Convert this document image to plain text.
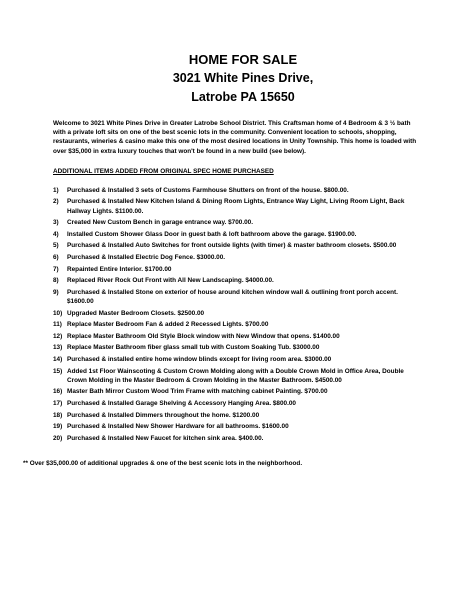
HOME FOR SALE
3021 White Pines Drive,
Latrobe PA 15650

Welcome to 3021 White Pines Drive in Greater Latrobe School District. This Craftsman home of 4 Bedroom & 3 ½ bath with a private loft sits on one of the best scenic lots in the community. Convenient location to schools, shopping, restaurants, wineries & casino make this one of the most desired locations in Unity Township. This home is loaded with over $35,000 in extra luxury touches that won't be found in a new build (see below).

ADDITIONAL ITEMS ADDED FROM ORIGINAL SPEC HOME PURCHASED

1)	Purchased & Installed 3 sets of Customs Farmhouse Shutters on front of the house. $800.00.
2)	Purchased & Installed New Kitchen Island & Dining Room Lights, Entrance Way Light, Living Room Light, Back Hallway Lights. $1100.00.
3)	Created New Custom Bench in garage entrance way. $700.00.
4)	Installed Custom Shower Glass Door in guest bath & loft bathroom above the garage. $1900.00.
5)	Purchased & Installed Auto Switches for front outside lights (with timer) & master bathroom closets. $500.00
6)	Purchased & Installed Electric Dog Fence. $3000.00.
7)	Repainted Entire Interior. $1700.00
8)	Replaced River Rock Out Front with All New Landscaping. $4000.00.
9)	Purchased & Installed Stone on exterior of house around kitchen window wall & outlining front porch accent. $1600.00
10) Upgraded Master Bedroom Closets. $2500.00
11) Replace Master Bedroom Fan & added 2 Recessed Lights. $700.00
12) Replace Master Bathroom Old Style Block window with New Window that opens. $1400.00
13) Replace Master Bathroom fiber glass small tub with Custom Soaking Tub. $3000.00
14) Purchased & installed entire home window blinds except for living room area. $3000.00
15) Added 1st Floor Wainscoting & Custom Crown Molding along with a Double Crown Mold in Office Area, Double Crown Molding in the Master Bedroom & Crown Molding in the Master Bathroom. $4500.00
16) Master Bath Mirror Custom Wood Trim Frame with matching cabinet Painting. $700.00
17) Purchased & Installed Garage Shelving & Accessory Hanging Area. $800.00
18) Purchased & Installed Dimmers throughout the home. $1200.00
19) Purchased & Installed New Shower Hardware for all bathrooms. $1600.00
20) Purchased & Installed New Faucet for kitchen sink area. $400.00.

** Over $35,000.00 of additional upgrades & one of the best scenic lots in the neighborhood.
